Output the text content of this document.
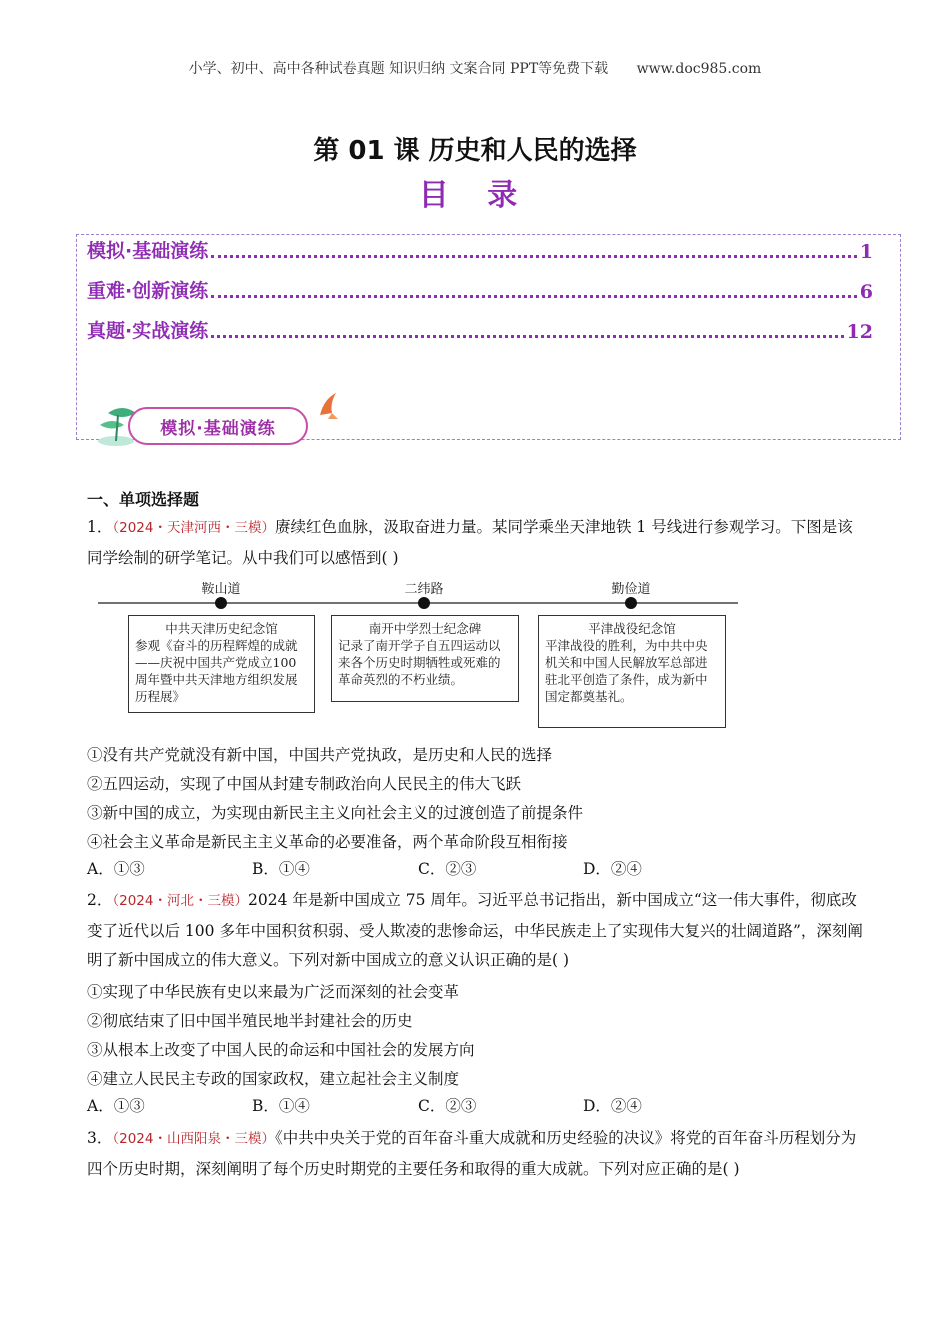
小学、初中、高中各种试卷真题 知识归纳 文案合同 PPT等免费下载 www.doc985.com
第 01 课 历史和人民的选择
目 录
模拟·基础演练	1
重难·创新演练	6
真题·实战演练	12
模拟·基础演练
一、单项选择题
1．（2024・天津河西・三模）赓续红色血脉，汲取奋进力量。某同学乘坐天津地铁 1 号线进行参观学习。下图是该同学绘制的研学笔记。从中我们可以感悟到( )
鞍山道	二纬路	勤俭道
中共天津历史纪念馆
参观《奋斗的历程辉煌的成就——庆祝中国共产党成立100周年暨中共天津地方组织发展历程展》
南开中学烈士纪念碑
记录了南开学子自五四运动以来各个历史时期牺牲或死难的革命英烈的不朽业绩。
平津战役纪念馆
平津战役的胜利，为中共中央机关和中国人民解放军总部进驻北平创造了条件，成为新中国定都奠基礼。
①没有共产党就没有新中国，中国共产党执政，是历史和人民的选择
②五四运动，实现了中国从封建专制政治向人民民主的伟大飞跃
③新中国的成立，为实现由新民主主义向社会主义的过渡创造了前提条件
④社会主义革命是新民主主义革命的必要准备，两个革命阶段互相衔接
A．①③	B．①④	C．②③	D．②④
2．（2024・河北・三模）2024 年是新中国成立 75 周年。习近平总书记指出，新中国成立“这一伟大事件，彻底改变了近代以后 100 多年中国积贫积弱、受人欺凌的悲惨命运，中华民族走上了实现伟大复兴的壮阔道路”，深刻阐明了新中国成立的伟大意义。下列对新中国成立的意义认识正确的是( )
①实现了中华民族有史以来最为广泛而深刻的社会变革
②彻底结束了旧中国半殖民地半封建社会的历史
③从根本上改变了中国人民的命运和中国社会的发展方向
④建立人民民主专政的国家政权，建立起社会主义制度
A．①③	B．①④	C．②③	D．②④
3．（2024・山西阳泉・三模）《中共中央关于党的百年奋斗重大成就和历史经验的决议》将党的百年奋斗历程划分为四个历史时期，深刻阐明了每个历史时期党的主要任务和取得的重大成就。下列对应正确的是( )
